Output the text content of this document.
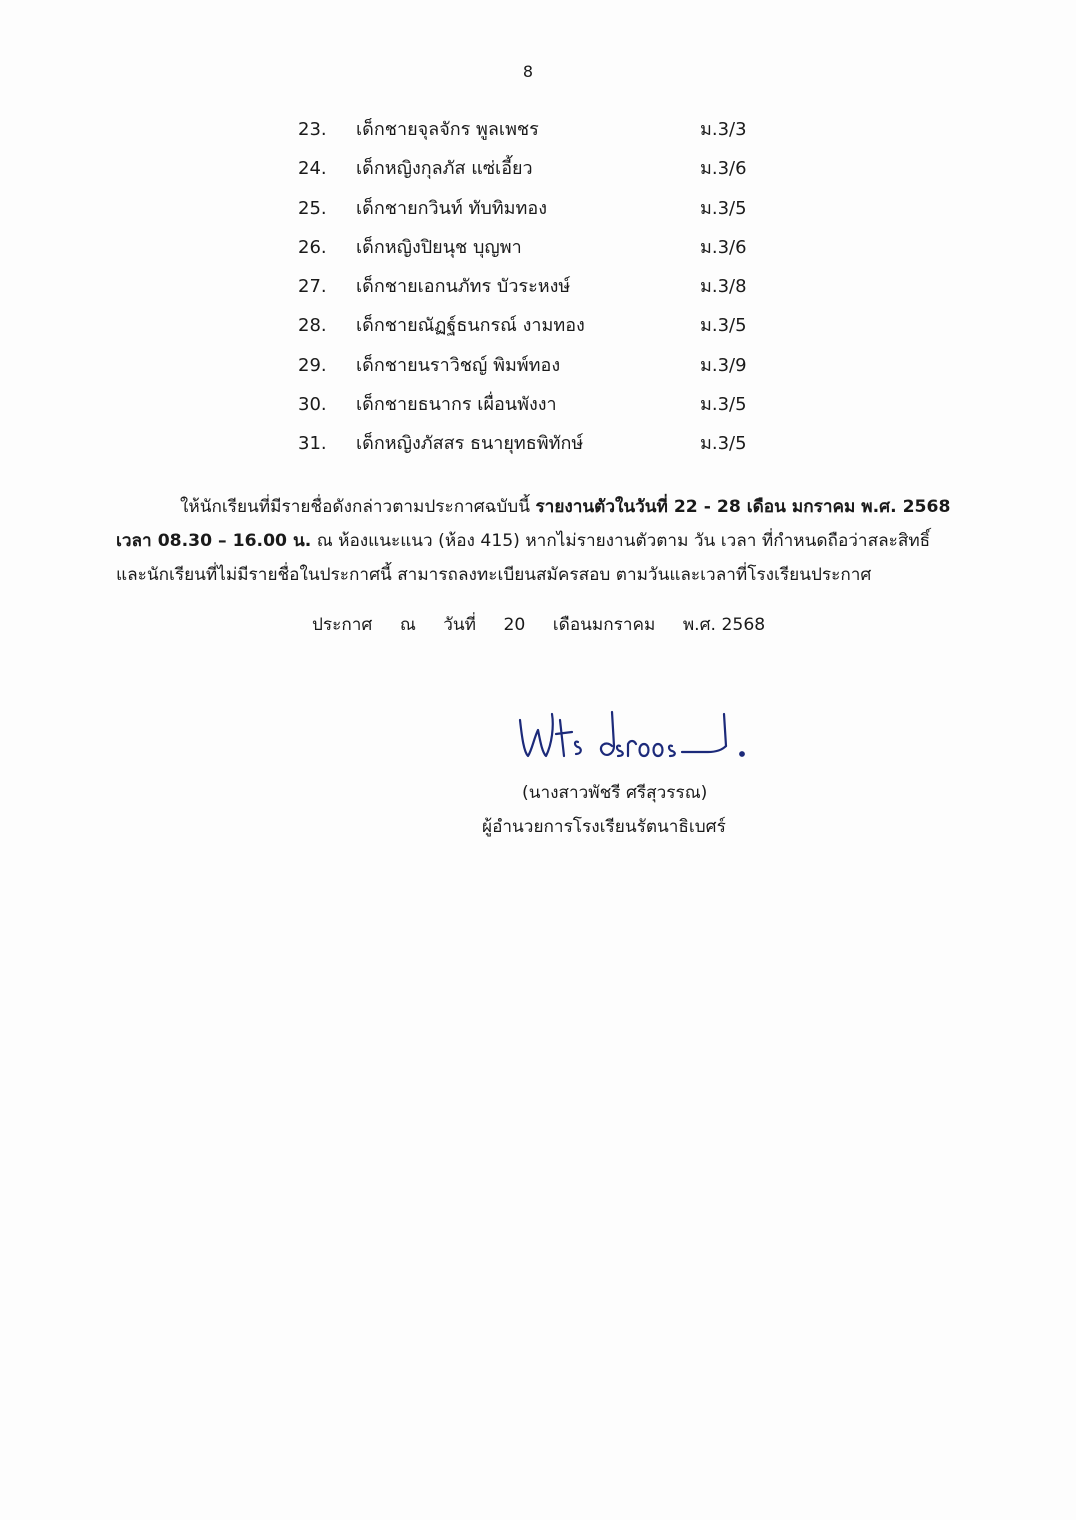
8
23. เด็กชายจุลจักร พูลเพชร	ม.3/3
24. เด็กหญิงกุลภัส แซ่เอี้ยว	ม.3/6
25. เด็กชายกวินท์ ทับทิมทอง	ม.3/5
26. เด็กหญิงปิยนุช บุญพา	ม.3/6
27. เด็กชายเอกนภัทร บัวระหงษ์	ม.3/8
28. เด็กชายณัฏฐ์ธนกรณ์ งามทอง	ม.3/5
29. เด็กชายนราวิชญ์ พิมพ์ทอง	ม.3/9
30. เด็กชายธนากร เผื่อนพังงา	ม.3/5
31. เด็กหญิงภัสสร ธนายุทธพิทักษ์	ม.3/5
ให้นักเรียนที่มีรายชื่อดังกล่าวตามประกาศฉบับนี้ รายงานตัวในวันที่ 22 - 28 เดือน มกราคม พ.ศ. 2568
เวลา 08.30 – 16.00 น. ณ ห้องแนะแนว (ห้อง 415) หากไม่รายงานตัวตาม วัน เวลา ที่กำหนดถือว่าสละสิทธิ์
และนักเรียนที่ไม่มีรายชื่อในประกาศนี้ สามารถลงทะเบียนสมัครสอบ ตามวันและเวลาที่โรงเรียนประกาศ
ประกาศ ณ วันที่ 20 เดือนมกราคม พ.ศ. 2568
(นางสาวพัชรี ศรีสุวรรณ)
ผู้อำนวยการโรงเรียนรัตนาธิเบศร์
